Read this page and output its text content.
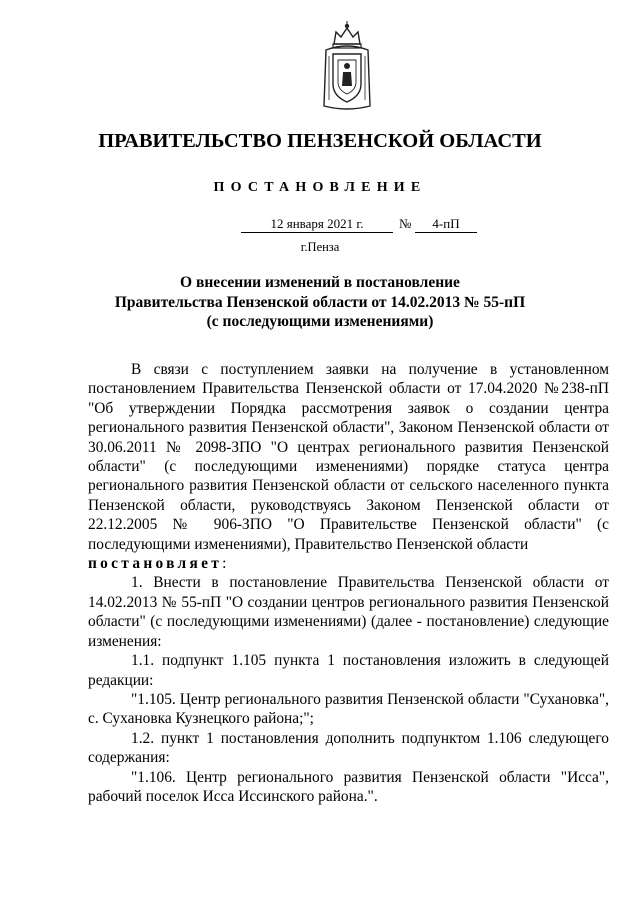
ПРАВИТЕЛЬСТВО ПЕНЗЕНСКОЙ ОБЛАСТИ
ПОСТАНОВЛЕНИЕ
12 января 2021 г.	№	4-пП
г.Пенза
О внесении изменений в постановление
Правительства Пензенской области от 14.02.2013 № 55-пП
(с последующими изменениями)

В связи с поступлением заявки на получение в установленном постановлением Правительства Пензенской области от 17.04.2020 №238-пП "Об утверждении Порядка рассмотрения заявок о создании центра регионального развития Пензенской области", Законом Пензенской области от 30.06.2011 № 2098-ЗПО "О центрах регионального развития Пензенской области" (с последующими изменениями) порядке статуса центра регионального развития Пензенской области от сельского населенного пункта Пензенской области, руководствуясь Законом Пензенской области от 22.12.2005 № 906-ЗПО "О Правительстве Пензенской области" (с последующими изменениями), Правительство Пензенской области

постановляет:

1. Внести в постановление Правительства Пензенской области от 14.02.2013 № 55-пП "О создании центров регионального развития Пензенской области" (с последующими изменениями) (далее - постановление) следующие изменения:

1.1. подпункт 1.105 пункта 1 постановления изложить в следующей редакции:

"1.105. Центр регионального развития Пензенской области "Сухановка", с. Сухановка Кузнецкого района;";

1.2. пункт 1 постановления дополнить подпунктом 1.106 следующего содержания:

"1.106. Центр регионального развития Пензенской области "Исса", рабочий поселок Исса Иссинского района.".
